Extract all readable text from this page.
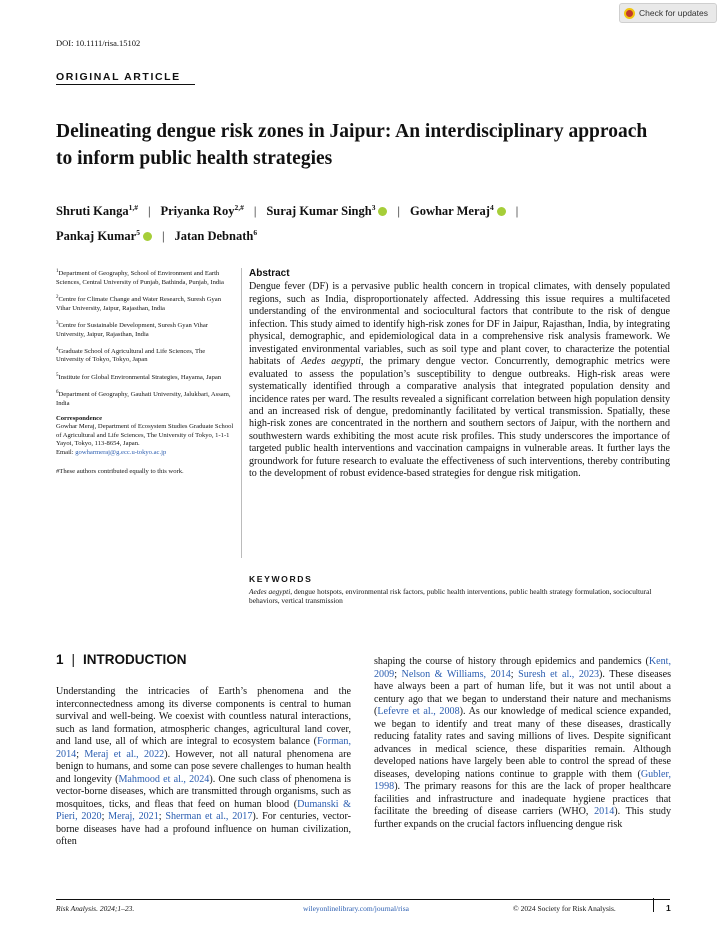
Check for updates
DOI: 10.1111/risa.15102
ORIGINAL ARTICLE
Delineating dengue risk zones in Jaipur: An interdisciplinary approach to inform public health strategies
Shruti Kanga$^{1,\#}$ | Priyanka Roy$^{2,\#}$ | Suraj Kumar Singh$^3$ | Gowhar Meraj$^4$ |
Pankaj Kumar$^5$ | Jatan Debnath$^6$
$^1$Department of Geography, School of Environment and Earth Sciences, Central University of Punjab, Bathinda, Punjab, India
$^2$Centre for Climate Change and Water Research, Suresh Gyan Vihar University, Jaipur, Rajasthan, India
$^3$Centre for Sustainable Development, Suresh Gyan Vihar University, Jaipur, Rajasthan, India
$^4$Graduate School of Agricultural and Life Sciences, The University of Tokyo, Tokyo, Japan
$^5$Institute for Global Environmental Strategies, Hayama, Japan
$^6$Department of Geography, Gauhati University, Jalukbari, Assam, India
Correspondence
Gowhar Meraj, Department of Ecosystem Studies Graduate School of Agricultural and Life Sciences, The University of Tokyo, 1-1-1 Yayoi, Tokyo, 113-8654, Japan.
Email: gowharmeraj@g.ecc.u-tokyo.ac.jp
#These authors contributed equally to this work.
Abstract
Dengue fever (DF) is a pervasive public health concern in tropical climates, with densely populated regions, such as India, disproportionately affected. Addressing this issue requires a multifaceted understanding of the environmental and sociocultural factors that contribute to the risk of dengue infection. This study aimed to identify high-risk zones for DF in Jaipur, Rajasthan, India, by integrating physical, demographic, and epidemiological data in a comprehensive risk analysis framework. We investigated environmental variables, such as soil type and plant cover, to characterize the potential habitats of Aedes aegypti, the primary dengue vector. Concurrently, demographic metrics were evaluated to assess the population’s susceptibility to dengue outbreaks. High-risk areas were systematically identified through a comparative analysis that integrated population density and incidence rates per ward. The results revealed a significant correlation between high population density and an increased risk of dengue, predominantly facilitated by vertical transmission. Spatially, these high-risk zones are concentrated in the northern and southern sectors of Jaipur, with the northern and southwestern wards exhibiting the most acute risk profiles. This study underscores the importance of targeted public health interventions and vaccination campaigns in vulnerable areas. It further lays the groundwork for future research to evaluate the effectiveness of such interventions, thereby contributing to the development of robust evidence-based strategies for dengue risk mitigation.
KEYWORDS
Aedes aegypti, dengue hotspots, environmental risk factors, public health interventions, public health strategy formulation, sociocultural behaviors, vertical transmission
1 | INTRODUCTION
Understanding the intricacies of Earth’s phenomena and the interconnectedness among its diverse components is central to human survival and well-being. We coexist with countless natural interactions, such as land formation, atmospheric changes, agricultural land cover, and land use, all of which are integral to ecosystem balance (Forman, 2014; Meraj et al., 2022). However, not all natural phenomena are benign to humans, and some can pose severe challenges to human health and longevity (Mahmood et al., 2024). One such class of phenomena is vector-borne diseases, which are transmitted through organisms, such as mosquitoes, ticks, and fleas that feed on human blood (Dumanski & Pieri, 2020; Meraj, 2021; Sherman et al., 2017). For centuries, vector-borne diseases have had a profound influence on human civilization, often
shaping the course of history through epidemics and pandemics (Kent, 2009; Nelson & Williams, 2014; Suresh et al., 2023). These diseases have always been a part of human life, but it was not until about a century ago that we began to understand their nature and mechanisms (Lefevre et al., 2008). As our knowledge of medical science expanded, we began to identify and treat many of these diseases, drastically reducing fatality rates and saving millions of lives. Despite significant advances in medical science, these disparities remain. Although developed nations have largely been able to control the spread of these diseases, developing nations continue to grapple with them (Gubler, 1998). The primary reasons for this are the lack of proper healthcare facilities and infrastructure and inadequate hygiene practices that facilitate the breeding of disease carriers (WHO, 2014). This study further expands on the crucial factors influencing dengue risk
Risk Analysis. 2024;1–23.	wileyonlinelibrary.com/journal/risa	© 2024 Society for Risk Analysis.	1
